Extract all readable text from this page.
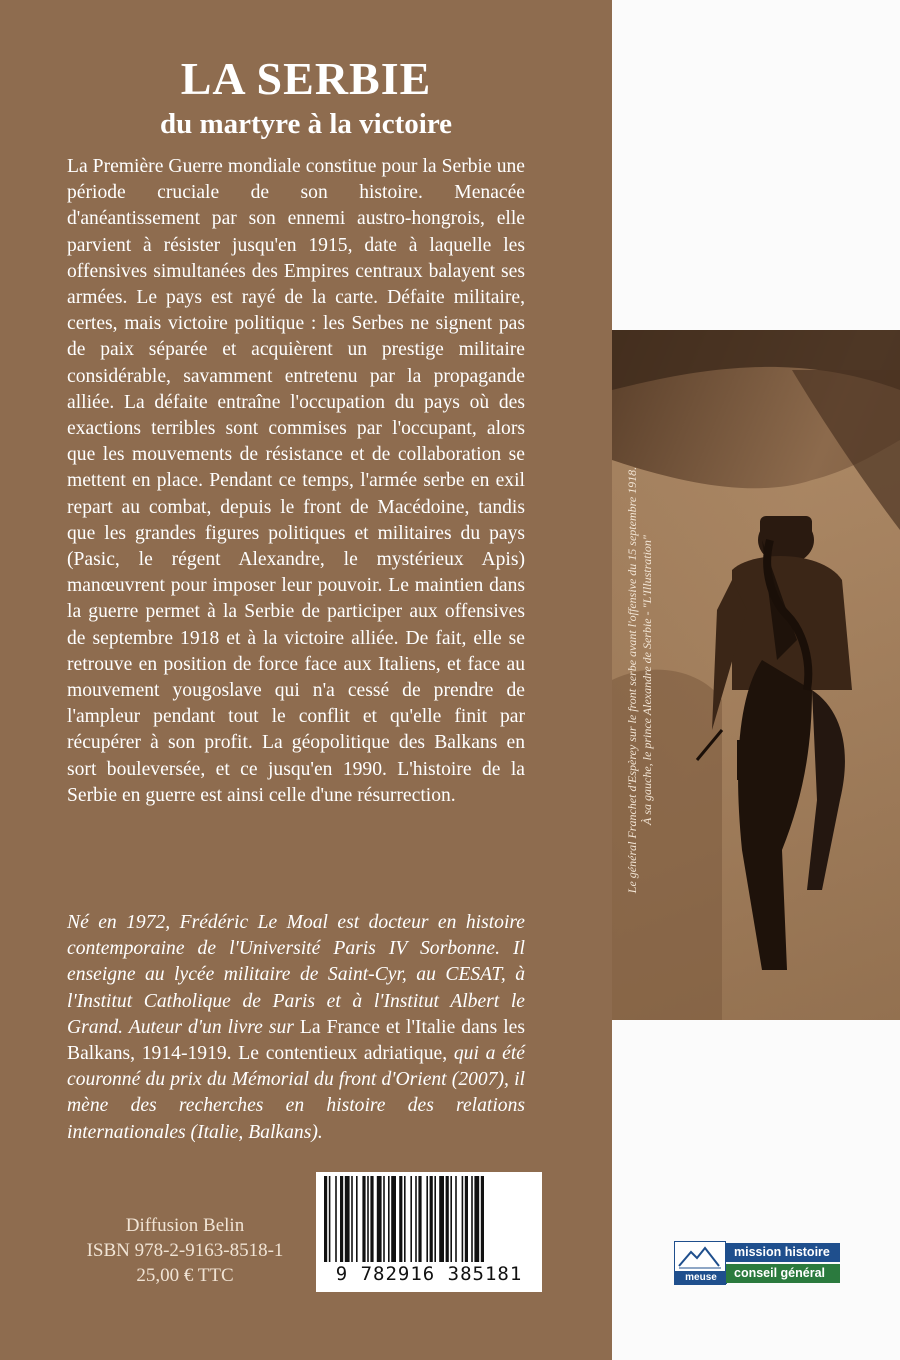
LA SERBIE
du martyre à la victoire

La Première Guerre mondiale constitue pour la Serbie une période cruciale de son histoire. Menacée d'anéantissement par son ennemi austro-hongrois, elle parvient à résister jusqu'en 1915, date à laquelle les offensives simultanées des Empires centraux balayent ses armées. Le pays est rayé de la carte. Défaite militaire, certes, mais victoire politique : les Serbes ne signent pas de paix séparée et acquièrent un prestige militaire considérable, savamment entretenu par la propagande alliée. La défaite entraîne l'occupation du pays où des exactions terribles sont commises par l'occupant, alors que les mouvements de résistance et de collaboration se mettent en place. Pendant ce temps, l'armée serbe en exil repart au combat, depuis le front de Macédoine, tandis que les grandes figures politiques et militaires du pays (Pasic, le régent Alexandre, le mystérieux Apis) manœuvrent pour imposer leur pouvoir. Le maintien dans la guerre permet à la Serbie de participer aux offensives de septembre 1918 et à la victoire alliée. De fait, elle se retrouve en position de force face aux Italiens, et face au mouvement yougoslave qui n'a cessé de prendre de l'ampleur pendant tout le conflit et qu'elle finit par récupérer à son profit. La géopolitique des Balkans en sort bouleversée, et ce jusqu'en 1990. L'histoire de la Serbie en guerre est ainsi celle d'une résurrection.

Né en 1972, Frédéric Le Moal est docteur en histoire contemporaine de l'Université Paris IV Sorbonne. Il enseigne au lycée militaire de Saint-Cyr, au CESAT, à l'Institut Catholique de Paris et à l'Institut Albert le Grand. Auteur d'un livre sur La France et l'Italie dans les Balkans, 1914-1919. Le contentieux adriatique, qui a été couronné du prix du Mémorial du front d'Orient (2007), il mène des recherches en histoire des relations internationales (Italie, Balkans).

Diffusion Belin
ISBN 978-2-9163-8518-1
25,00 € TTC	9 782916 385181
Le général Franchet d'Espèrey sur le front serbe avant l'offensive du 15 septembre 1918. À sa gauche, le prince Alexandre de Serbie - "L'Illustration"
meuse
mission histoire
conseil général
